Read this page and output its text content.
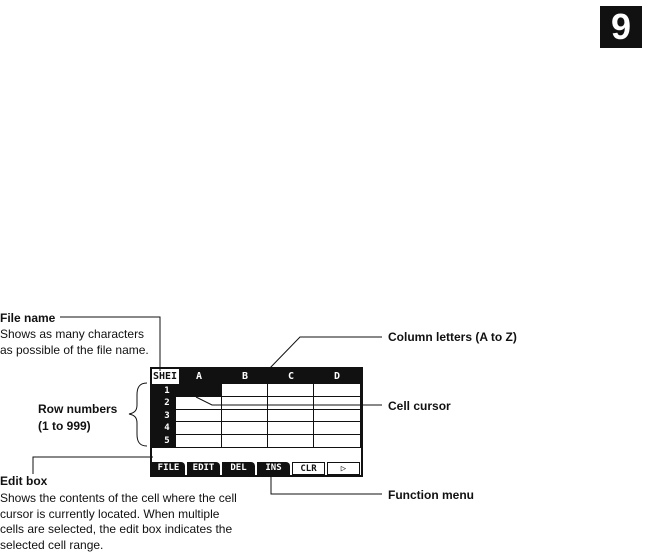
9
File name
Shows as many characters
as possible of the file name.
Column letters (A to Z)
Row numbers
(1 to 999)
Cell cursor
Edit box
Shows the contents of the cell where the cell
cursor is currently located. When multiple
cells are selected, the edit box indicates the
selected cell range.
Function menu
SHEI	A	B	C	D
1
2
3
4
5
FILE	EDIT	DEL	INS	CLR	▷
